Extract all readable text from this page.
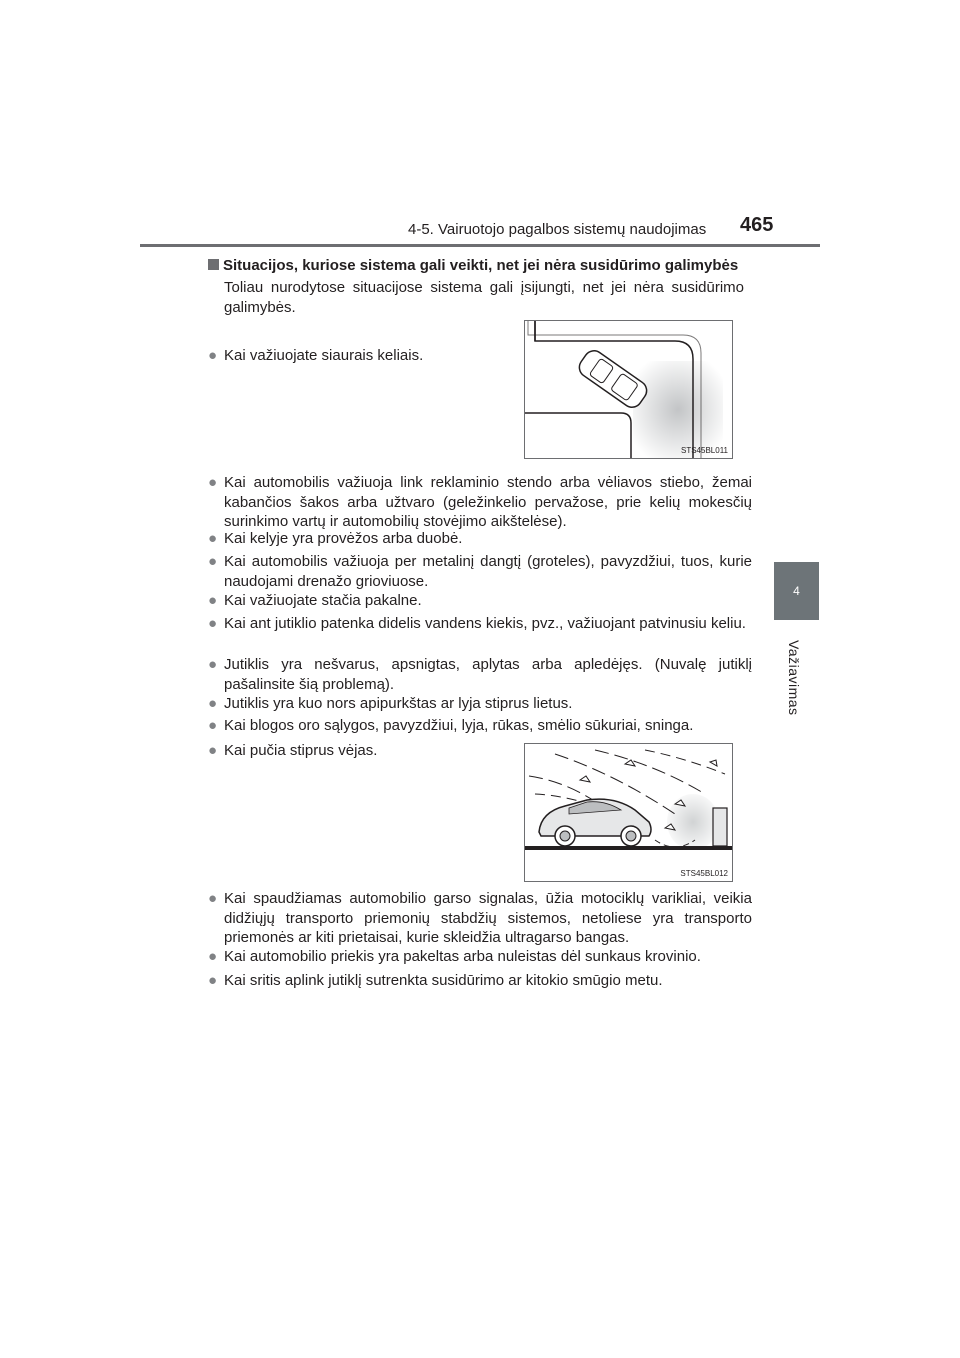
4-5. Vairuotojo pagalbos sistemų naudojimas 465
4
Važiavimas
Situacijos, kuriose sistema gali veikti, net jei nėra susidūrimo galimybės
Toliau nurodytose situacijose sistema gali įsijungti, net jei nėra susidūrimo galimybės.
● Kai važiuojate siaurais keliais.
STS45BL011
● Kai automobilis važiuoja link reklaminio stendo arba vėliavos stiebo, žemai kabančios šakos arba užtvaro (geležinkelio pervažose, prie kelių mokesčių surinkimo vartų ir automobilių stovėjimo aikštelėse).
● Kai kelyje yra provėžos arba duobė.
● Kai automobilis važiuoja per metalinį dangtį (groteles), pavyzdžiui, tuos, kurie naudojami drenažo grioviuose.
● Kai važiuojate stačia pakalne.
● Kai ant jutiklio patenka didelis vandens kiekis, pvz., važiuojant patvinusiu keliu.
● Jutiklis yra nešvarus, apsnigtas, aplytas arba apledėjęs. (Nuvalę jutiklį pašalinsite šią problemą).
● Jutiklis yra kuo nors apipurkštas ar lyja stiprus lietus.
● Kai blogos oro sąlygos, pavyzdžiui, lyja, rūkas, smėlio sūkuriai, sninga.
● Kai pučia stiprus vėjas.
STS45BL012
● Kai spaudžiamas automobilio garso signalas, ūžia motociklų varikliai, veikia didžiųjų transporto priemonių stabdžių sistemos, netoliese yra transporto priemonės ar kiti prietaisai, kurie skleidžia ultragarso bangas.
● Kai automobilio priekis yra pakeltas arba nuleistas dėl sunkaus krovinio.
● Kai sritis aplink jutiklį sutrenkta susidūrimo ar kitokio smūgio metu.
